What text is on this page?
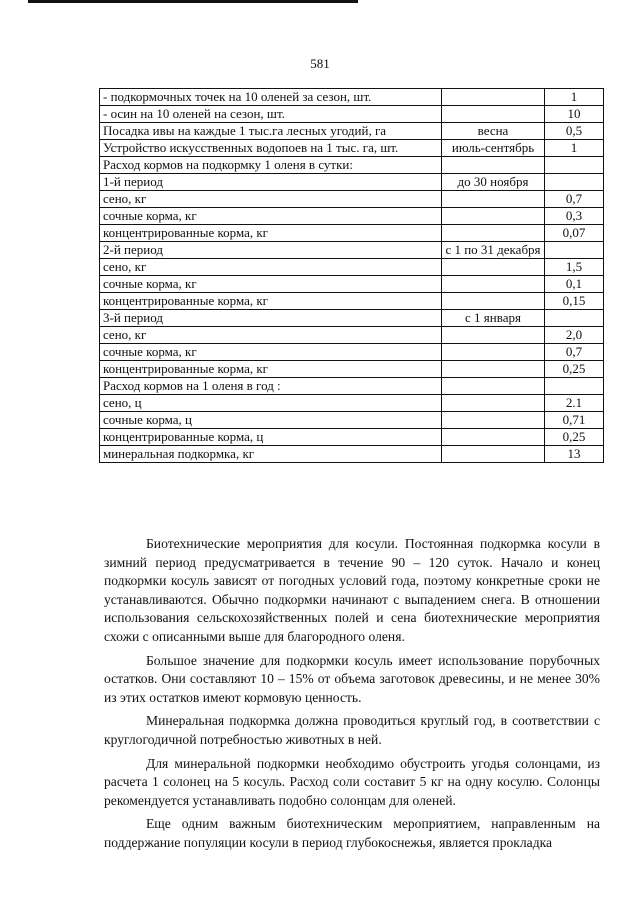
581
- подкормочных точек на 10 оленей за сезон, шт.		1
- осин на 10 оленей на сезон, шт.		10
Посадка ивы на каждые 1 тыс.га лесных угодий, га	весна	0,5
Устройство искусственных водопоев на 1 тыс. га, шт.	июль-сентябрь	1
Расход кормов на подкормку 1 оленя в сутки:		
1-й период	до 30 ноября	
сено, кг		0,7
сочные корма, кг		0,3
концентрированные корма, кг		0,07
2-й период	с 1 по 31 декабря	
сено, кг		1,5
сочные корма, кг		0,1
концентрированные корма, кг		0,15
3-й период	с 1 января	
сено, кг		2,0
сочные корма, кг		0,7
концентрированные корма, кг		0,25
Расход кормов на 1 оленя в год :		
сено, ц		2.1
сочные корма, ц		0,71
концентрированные корма, ц		0,25
минеральная подкормка, кг		13

Биотехнические мероприятия для косули. Постоянная подкормка косули в зимний период предусматривается в течение 90 – 120 суток. Начало и конец подкормки косуль зависят от погодных условий года, поэтому конкретные сроки не устанавливаются. Обычно подкормки начинают с выпадением снега. В отношении использования сельскохозяйственных полей и сена биотехнические мероприятия схожи с описанными выше для благородного оленя.

Большое значение для подкормки косуль имеет использование порубочных остатков. Они составляют 10 – 15% от объема заготовок древесины, и не менее 30% из этих остатков имеют кормовую ценность.

Минеральная подкормка должна проводиться круглый год, в соответствии с круглогодичной потребностью животных в ней.

Для минеральной подкормки необходимо обустроить угодья солонцами, из расчета 1 солонец на 5 косуль. Расход соли составит 5 кг на одну косулю. Солонцы рекомендуется устанавливать подобно солонцам для оленей.

Еще одним важным биотехническим мероприятием, направленным на поддержание популяции косули в период глубокоснежья, является прокладка
